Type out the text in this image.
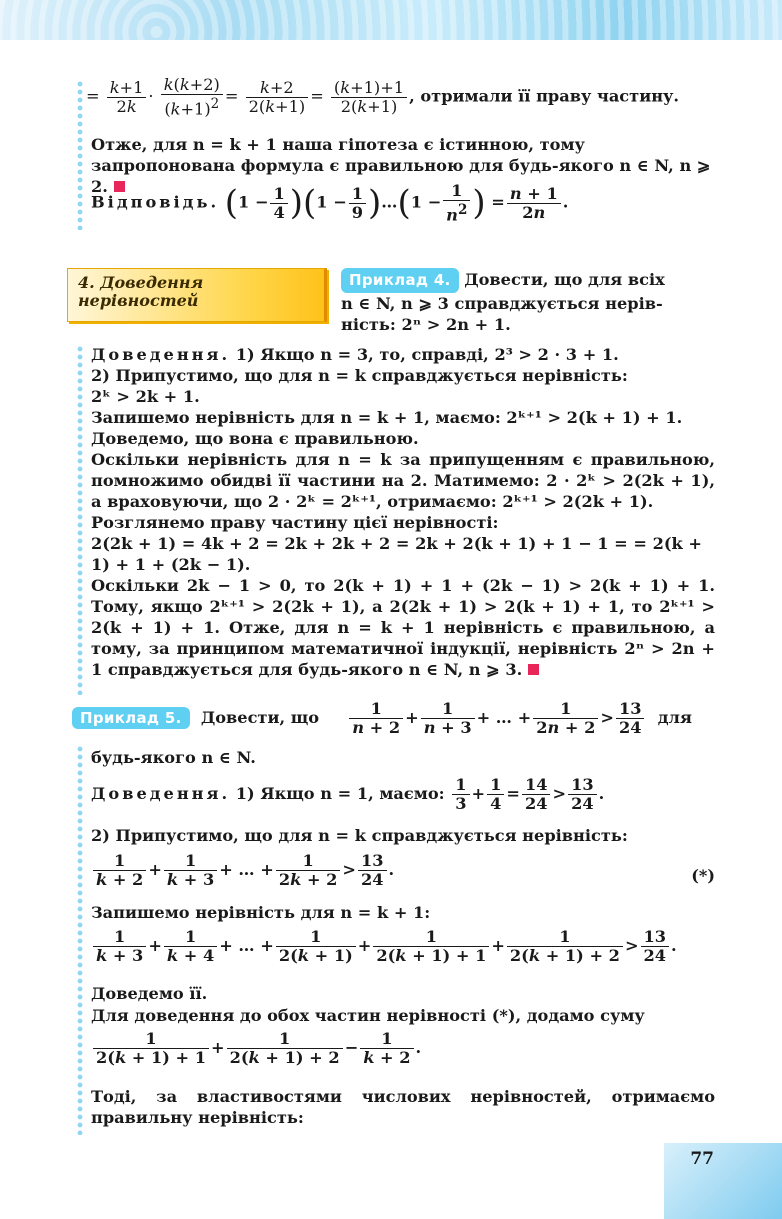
= $\frac{k+1}{2k} \cdot \frac{k(k+2)}{(k+1)^2} = \frac{k+2}{2(k+1)} = \frac{(k+1)+1}{2(k+1)}$ , отримали її праву частину.
Отже, для n = k + 1 наша гіпотеза є істинною, тому запропонована формула є правильною для будь-якого n ∈ N, n ⩾ 2.
Відповідь. $(1 - \frac{1}{4} )(1 - \frac{1}{9}$ )…(1 − $\frac{1}{n^2}$ ) = $\frac{n + 1}{2n}$ .
4. Доведення
нерівностей
Приклад 4. Довести, що для всіх
n ∈ N, n ⩾ 3 справджується нерів-
ність: 2ⁿ > 2n + 1.

Доведення. 1) Якщо n = 3, то, справді, 2³ > 2 · 3 + 1.

2) Припустимо, що для n = k справджується нерівність:

2ᵏ > 2k + 1.

Запишемо нерівність для n = k + 1, маємо: 2ᵏ⁺¹ > 2(k + 1) + 1.

Доведемо, що вона є правильною.

Оскільки нерівність для n = k за припущенням є правильною, помножимо обидві її частини на 2. Матимемо: 2 · 2ᵏ > 2(2k + 1), а враховуючи, що 2 · 2ᵏ = 2ᵏ⁺¹, отримаємо: 2ᵏ⁺¹ > 2(2k + 1).

Розглянемо праву частину цієї нерівності:

2(2k + 1) = 4k + 2 = 2k + 2k + 2 = 2k + 2(k + 1) + 1 − 1 = = 2(k + 1) + 1 + (2k − 1).

Оскільки 2k − 1 > 0, то 2(k + 1) + 1 + (2k − 1) > 2(k + 1) + 1. Тому, якщо 2ᵏ⁺¹ > 2(2k + 1), а 2(2k + 1) > 2(k + 1) + 1, то 2ᵏ⁺¹ > 2(k + 1) + 1. Отже, для n = k + 1 нерівність є правильною, а тому, за принципом математичної індукції, нерівність 2ⁿ > 2n + 1 справджується для будь-якого n ∈ N, n ⩾ 3.

Приклад 5. Довести, що $\frac{1}{n + 2} + \frac{1}{n + 3}$ + … + $\frac{1}{2n + 2} > \frac{13}{24}$ для
будь-якого n ∈ N.
Доведення. 1) Якщо n = 1, маємо: $\frac{1}{3} + \frac{1}{4} = \frac{14}{24} > \frac{13}{24}$ .
2) Припустимо, що для n = k справджується нерівність:
$\frac{1}{k + 2} + \frac{1}{k + 3}$ + … + $\frac{1}{2k + 2} > \frac{13}{24}$ .	(*)
Запишемо нерівність для n = k + 1:
$\frac{1}{k + 3} + \frac{1}{k + 4}$ + … + $\frac{1}{2(k + 1)} + \frac{1}{2(k + 1) + 1} + \frac{1}{2(k + 1) + 2} > \frac{13}{24}$ .
Доведемо її.
Для доведення до обох частин нерівності (*), додамо суму
$\frac{1}{2(k + 1) + 1} + \frac{1}{2(k + 1) + 2} - \frac{1}{k + 2}$ .
Тоді, за властивостями числових нерівностей, отримаємо правильну нерівність:
77
